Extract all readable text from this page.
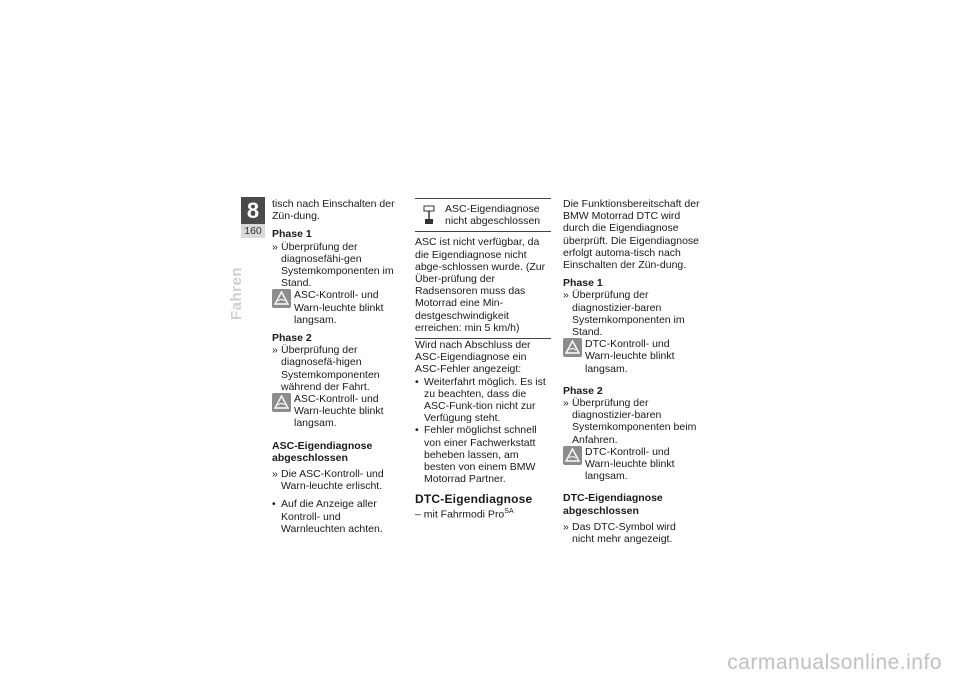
8
160
Fahren

tisch nach Einschalten der Zün-dung.

Phase 1

» Überprüfung der diagnosefähi-gen Systemkomponenten im Stand.

ASC-Kontroll- und Warn-leuchte blinkt langsam.

Phase 2

» Überprüfung der diagnosefä-higen Systemkomponenten während der Fahrt.

ASC-Kontroll- und Warn-leuchte blinkt langsam.

ASC-Eigendiagnose

abgeschlossen

» Die ASC-Kontroll- und Warn-leuchte erlischt.

• Auf die Anzeige aller Kontroll- und Warnleuchten achten.

ASC-Eigendiagnose nicht abgeschlossen

ASC ist nicht verfügbar, da die Eigendiagnose nicht abge-schlossen wurde. (Zur Über-prüfung der Radsensoren muss das Motorrad eine Min-destgeschwindigkeit erreichen: min 5 km/h)

Wird nach Abschluss der ASC-Eigendiagnose ein ASC-Fehler angezeigt:

• Weiterfahrt möglich. Es ist zu beachten, dass die ASC-Funk-tion nicht zur Verfügung steht.

• Fehler möglichst schnell von einer Fachwerkstatt beheben lassen, am besten von einem BMW Motorrad Partner.

DTC-Eigendiagnose

– mit Fahrmodi Pro$^{SA}$

Die Funktionsbereitschaft der BMW Motorrad DTC wird durch die Eigendiagnose überprüft. Die Eigendiagnose erfolgt automa-tisch nach Einschalten der Zün-dung.

Phase 1

» Überprüfung der diagnostizier-baren Systemkomponenten im Stand.

DTC-Kontroll- und Warn-leuchte blinkt langsam.

Phase 2

» Überprüfung der diagnostizier-baren Systemkomponenten beim Anfahren.

DTC-Kontroll- und Warn-leuchte blinkt langsam.

DTC-Eigendiagnose

abgeschlossen

» Das DTC-Symbol wird nicht mehr angezeigt.

carmanualsonline.info
